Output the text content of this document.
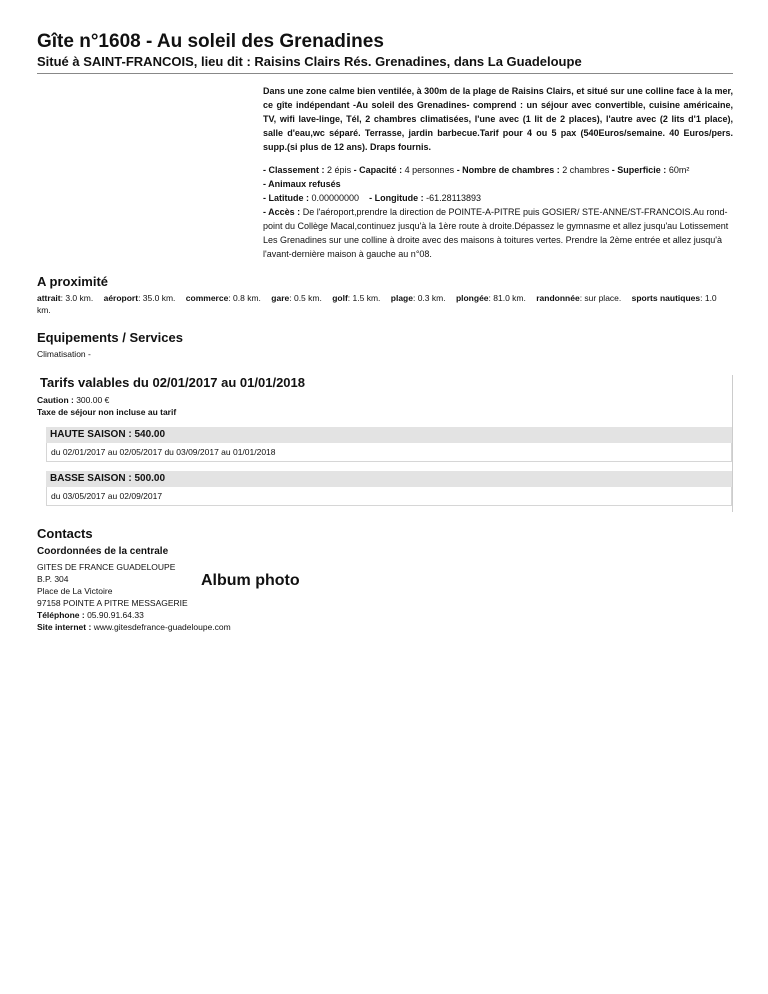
Gîte n°1608 - Au soleil des Grenadines

Situé à SAINT-FRANCOIS, lieu dit : Raisins Clairs Rés. Grenadines, dans La Guadeloupe

Dans une zone calme bien ventilée, à 300m de la plage de Raisins Clairs, et situé sur une colline face à la mer, ce gîte indépendant -Au soleil des Grenadines- comprend : un séjour avec convertible, cuisine américaine, TV, wifi lave-linge, Tél, 2 chambres climatisées, l'une avec (1 lit de 2 places), l'autre avec (2 lits d'1 place), salle d'eau,wc séparé. Terrasse, jardin barbecue.Tarif pour 4 ou 5 pax (540Euros/semaine. 40 Euros/pers. supp.(si plus de 12 ans). Draps fournis.
- Classement : 2 épis - Capacité : 4 personnes - Nombre de chambres : 2 chambres - Superficie : 60m²
- Animaux refusés
- Latitude : 0.00000000 - Longitude : -61.28113893
- Accès : De l'aéroport,prendre la direction de POINTE-A-PITRE puis GOSIER/ STE-ANNE/ST-FRANCOIS.Au rond-point du Collège Macal,continuez jusqu'à la 1ère route à droite.Dépassez le gymnasme et allez jusqu'au Lotissement Les Grenadines sur une colline à droite avec des maisons à toitures vertes. Prendre la 2ème entrée et allez jusqu'à l'avant-dernière maison à gauche au n°08.
A proximité
attrait: 3.0 km. aéroport: 35.0 km. commerce: 0.8 km. gare: 0.5 km. golf: 1.5 km. plage: 0.3 km. plongée: 81.0 km. randonnée: sur place. sports nautiques: 1.0 km.
Equipements / Services
Climatisation -
Tarifs valables du 02/01/2017 au 01/01/2018
Caution : 300.00 €
Taxe de séjour non incluse au tarif
HAUTE SAISON : 540.00
du 02/01/2017 au 02/05/2017 du 03/09/2017 au 01/01/2018
BASSE SAISON : 500.00
du 03/05/2017 au 02/09/2017
Contacts
Coordonnées de la centrale
GITES DE FRANCE GUADELOUPE
B.P. 304
Place de La Victoire
97158 POINTE A PITRE MESSAGERIE
Téléphone : 05.90.91.64.33
Site internet : www.gitesdefrance-guadeloupe.com
Album photo
